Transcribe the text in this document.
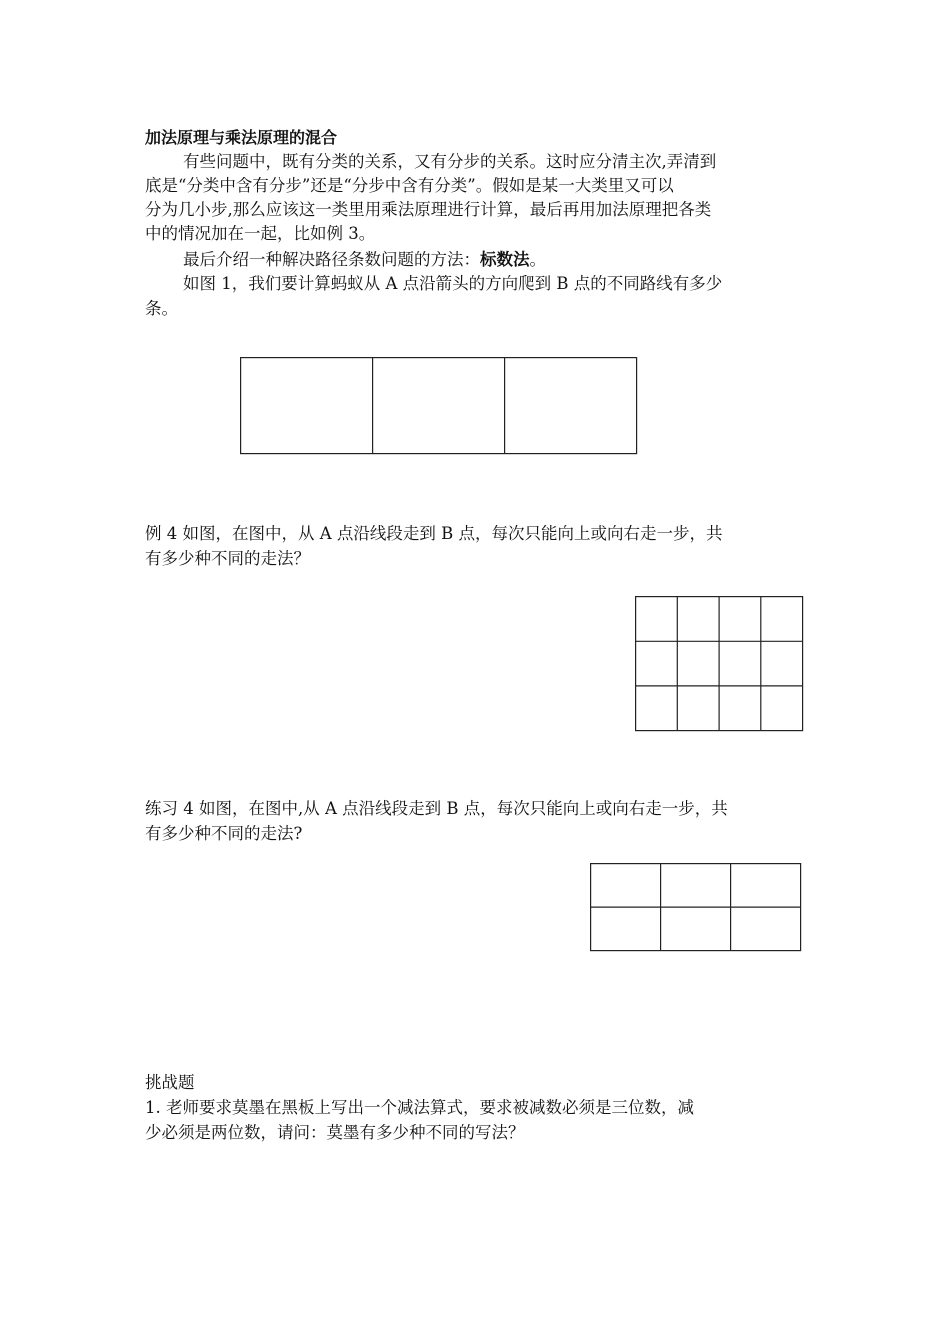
加法原理与乘法原理的混合
有些问题中，既有分类的关系，又有分步的关系。这时应分清主次,弄清到
底是“分类中含有分步”还是“分步中含有分类”。假如是某一大类里又可以
分为几小步,那么应该这一类里用乘法原理进行计算，最后再用加法原理把各类
中的情况加在一起，比如例 3。
最后介绍一种解决路径条数问题的方法：标数法。
如图 1，我们要计算蚂蚁从 A 点沿箭头的方向爬到 B 点的不同路线有多少
条。
例 4 如图，在图中，从 A 点沿线段走到 B 点，每次只能向上或向右走一步，共
有多少种不同的走法？
练习 4 如图，在图中,从 A 点沿线段走到 B 点，每次只能向上或向右走一步，共
有多少种不同的走法?
挑战题
1. 老师要求莫墨在黑板上写出一个减法算式，要求被减数必须是三位数，减
少必须是两位数，请问：莫墨有多少种不同的写法？
